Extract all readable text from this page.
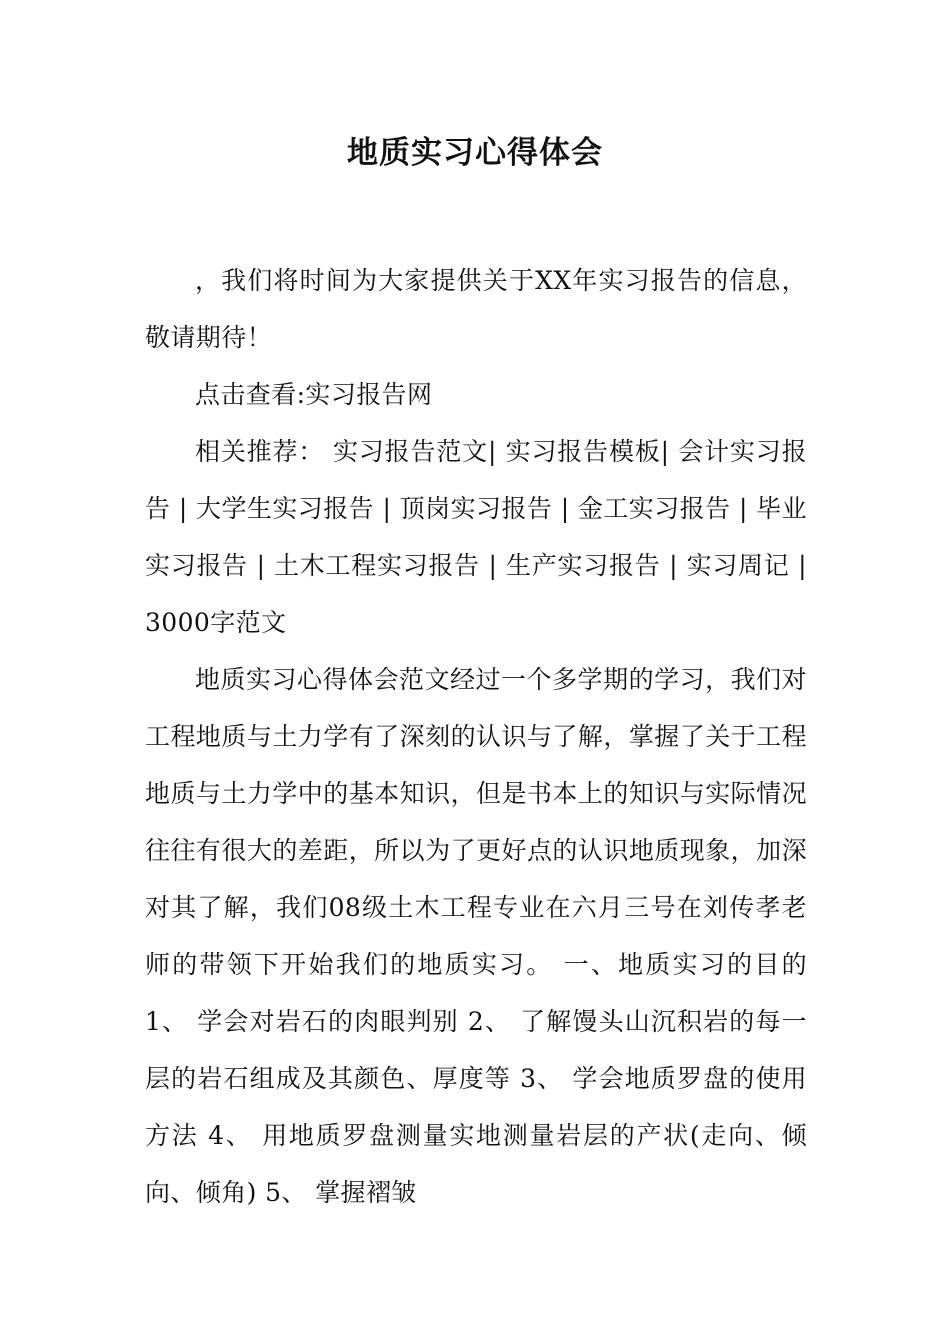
地质实习心得体会

，我们将时间为大家提供关于XX年实习报告的信息，敬请期待！

点击查看:实习报告网

相关推荐： 实习报告范文| 实习报告模板| 会计实习报告 | 大学生实习报告 | 顶岗实习报告 | 金工实习报告 | 毕业实习报告 | 土木工程实习报告 | 生产实习报告 | 实习周记 | 3000字范文

地质实习心得体会范文经过一个多学期的学习，我们对工程地质与土力学有了深刻的认识与了解，掌握了关于工程地质与土力学中的基本知识，但是书本上的知识与实际情况往往有很大的差距，所以为了更好点的认识地质现象，加深对其了解，我们08级土木工程专业在六月三号在刘传孝老师的带领下开始我们的地质实习。 一、地质实习的目的 1、 学会对岩石的肉眼判别 2、 了解馒头山沉积岩的每一层的岩石组成及其颜色、厚度等 3、 学会地质罗盘的使用方法 4、 用地质罗盘测量实地测量岩层的产状(走向、倾向、倾角) 5、 掌握褶皱
